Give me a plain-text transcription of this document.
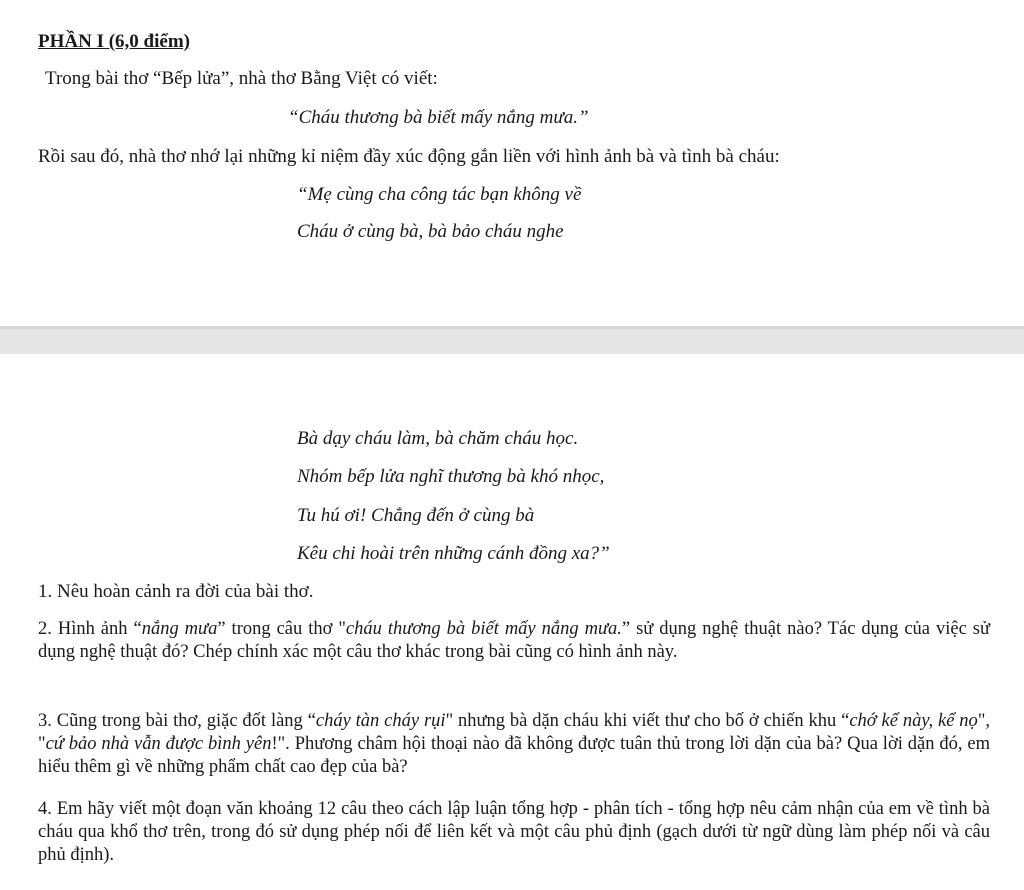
PHẦN I (6,0 điểm)
Trong bài thơ “Bếp lửa”, nhà thơ Bằng Việt có viết:
“Cháu thương bà biết mấy nắng mưa.”
Rồi sau đó, nhà thơ nhớ lại những kỉ niệm đầy xúc động gắn liền với hình ảnh bà và tình bà cháu:
“Mẹ cùng cha công tác bạn không về
Cháu ở cùng bà, bà bảo cháu nghe
Bà dạy cháu làm, bà chăm cháu học.
Nhóm bếp lửa nghĩ thương bà khó nhọc,
Tu hú ơi! Chẳng đến ở cùng bà
Kêu chi hoài trên những cánh đồng xa?”
1. Nêu hoàn cảnh ra đời của bài thơ.
2. Hình ảnh “nắng mưa” trong câu thơ "cháu thương bà biết mấy nắng mưa.” sử dụng nghệ thuật nào? Tác dụng của việc sử dụng nghệ thuật đó? Chép chính xác một câu thơ khác trong bài cũng có hình ảnh này.
3. Cũng trong bài thơ, giặc đốt làng “cháy tàn cháy rụi" nhưng bà dặn cháu khi viết thư cho bố ở chiến khu “chớ kể này, kể nọ", "cứ bảo nhà vẫn được bình yên!". Phương châm hội thoại nào đã không được tuân thủ trong lời dặn của bà? Qua lời dặn đó, em hiểu thêm gì về những phẩm chất cao đẹp của bà?
4. Em hãy viết một đoạn văn khoảng 12 câu theo cách lập luận tổng hợp - phân tích - tổng hợp nêu cảm nhận của em về tình bà cháu qua khổ thơ trên, trong đó sử dụng phép nối để liên kết và một câu phủ định (gạch dưới từ ngữ dùng làm phép nối và câu phủ định).
